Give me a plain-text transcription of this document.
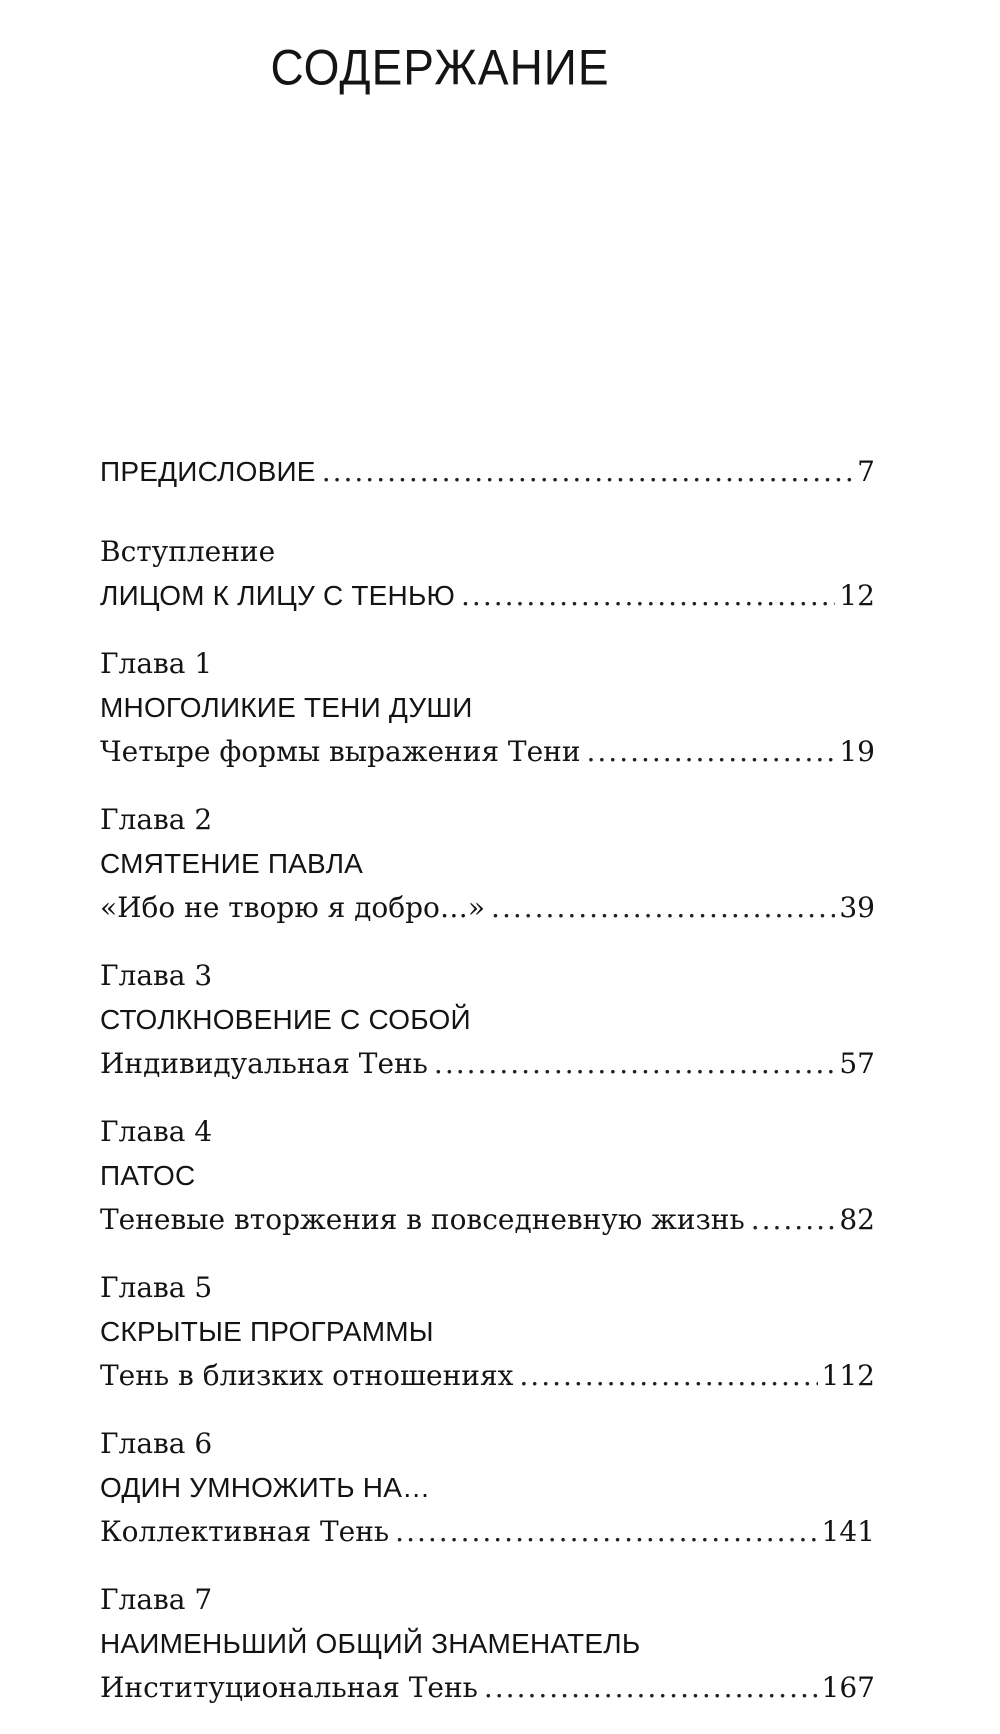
СОДЕРЖАНИЕ
ПРЕДИСЛОВИЕ .....	7
Вступление
ЛИЦОМ К ЛИЦУ С ТЕНЬЮ .....	12
Глава 1
МНОГОЛИКИЕ ТЕНИ ДУШИ
Четыре формы выражения Тени .....	19
Глава 2
СМЯТЕНИЕ ПАВЛА
«Ибо не творю я добро…» .....	39
Глава 3
СТОЛКНОВЕНИЕ С СОБОЙ
Индивидуальная Тень .....	57
Глава 4
ПАТОС
Теневые вторжения в повседневную жизнь .....	82
Глава 5
СКРЫТЫЕ ПРОГРАММЫ
Тень в близких отношениях .....	112
Глава 6
ОДИН УМНОЖИТЬ НА…
Коллективная Тень .....	141
Глава 7
НАИМЕНЬШИЙ ОБЩИЙ ЗНАМЕНАТЕЛЬ
Институциональная Тень .....	167
